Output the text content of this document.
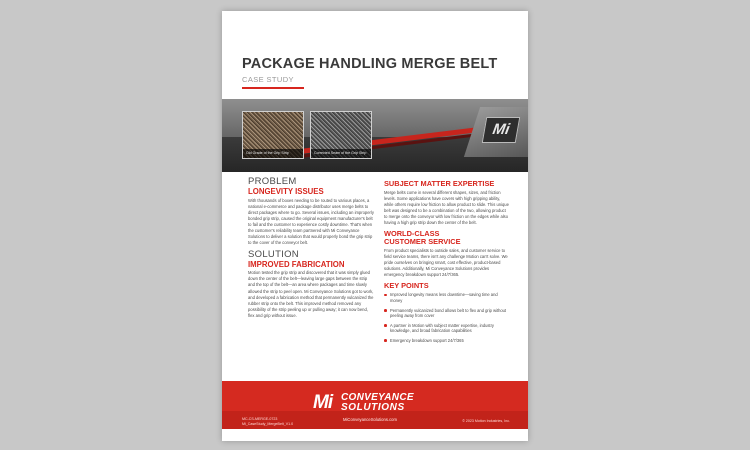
PACKAGE HANDLING MERGE BELT
CASE STUDY
Mi
Old Grade of the Grip Strip	Corrected Seam of the Grip Strip
PROBLEM
LONGEVITY ISSUES

With thousands of boxes needing to be routed to various places, a national e-commerce and package distributor uses merge belts to direct packages where to go. Several issues, including an improperly bonded grip strip, caused the original equipment manufacturer's belt to fail and the customer to experience costly downtime. That's when the customer's reliability team partnered with Mi Conveyance Solutions to deliver a solution that would properly bond the grip strip to the cover of the conveyor belt.

SOLUTION
IMPROVED FABRICATION

Motion tested the grip strip and discovered that it was simply glued down the center of the belt—leaving large gaps between the strip and the top of the belt—an area where packages and time slowly allowed the strip to peel open. Mi Conveyance Solutions got to work, and developed a fabrication method that permanently vulcanized the rubber strip onto the belt. This improved method removed any possibility of the strip peeling up or pulling away; it can now bend, flex and grip without issue.

SUBJECT MATTER EXPERTISE

Merge belts come in several different shapes, sizes, and friction levels. Some applications have covers with high gripping ability, while others require low friction to allow product to slide. This unique belt was designed to be a combination of the two, allowing product to merge onto the conveyor with low friction on the edges while also having a high grip strip down the center of the belt.

WORLD-CLASS
CUSTOMER SERVICE

From product specialists to outside sales, and customer service to field service teams, there isn't any challenge Motion can't solve. We pride ourselves on bringing smart, cost effective, product-based solutions. Additionally, Mi Conveyance Solutions provides emergency breakdown support 24/7/365.

KEY POINTS
Improved longevity means less downtime—saving time and money
Permanently vulcanized bond allows belt to flex and grip without peeling away from cover
A partner in Motion with subject matter expertise, industry knowledge, and broad fabrication capabilities
Emergency breakdown support 24/7/365
Mi CONVEYANCE
SOLUTIONS
MiConveyanceSolutions.com
MC-CS-MERGE-0723
Mi_CaseStudy_MergeBelt_V1.0
© 2023 Motion Industries, Inc.
